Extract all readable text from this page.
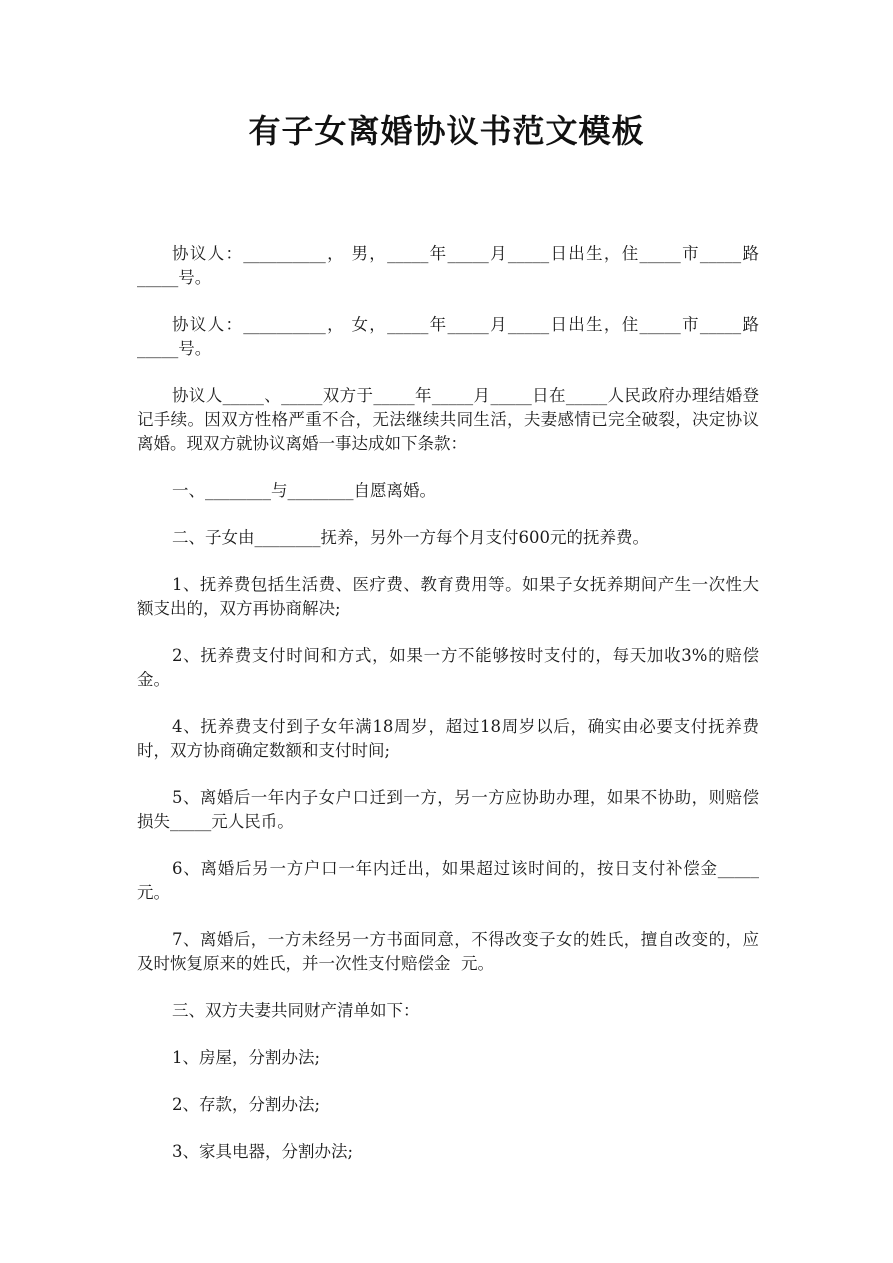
有子女离婚协议书范文模板

协议人：__________， 男，_____年_____月_____日出生，住_____市_____路_____号。

协议人：__________， 女，_____年_____月_____日出生，住_____市_____路_____号。

协议人_____、_____双方于_____年_____月_____日在_____人民政府办理结婚登记手续。因双方性格严重不合，无法继续共同生活，夫妻感情已完全破裂，决定协议离婚。现双方就协议离婚一事达成如下条款：

一、________与________自愿离婚。

二、子女由________抚养，另外一方每个月支付600元的抚养费。

1、抚养费包括生活费、医疗费、教育费用等。如果子女抚养期间产生一次性大额支出的，双方再协商解决;

2、抚养费支付时间和方式，如果一方不能够按时支付的，每天加收3%的赔偿金。

4、抚养费支付到子女年满18周岁，超过18周岁以后，确实由必要支付抚养费时，双方协商确定数额和支付时间;

5、离婚后一年内子女户口迁到一方，另一方应协助办理，如果不协助，则赔偿损失_____元人民币。

6、离婚后另一方户口一年内迁出，如果超过该时间的，按日支付补偿金_____元。

7、离婚后，一方未经另一方书面同意，不得改变子女的姓氏，擅自改变的，应及时恢复原来的姓氏，并一次性支付赔偿金  元。

三、双方夫妻共同财产清单如下：

1、房屋，分割办法;

2、存款，分割办法;

3、家具电器，分割办法;
